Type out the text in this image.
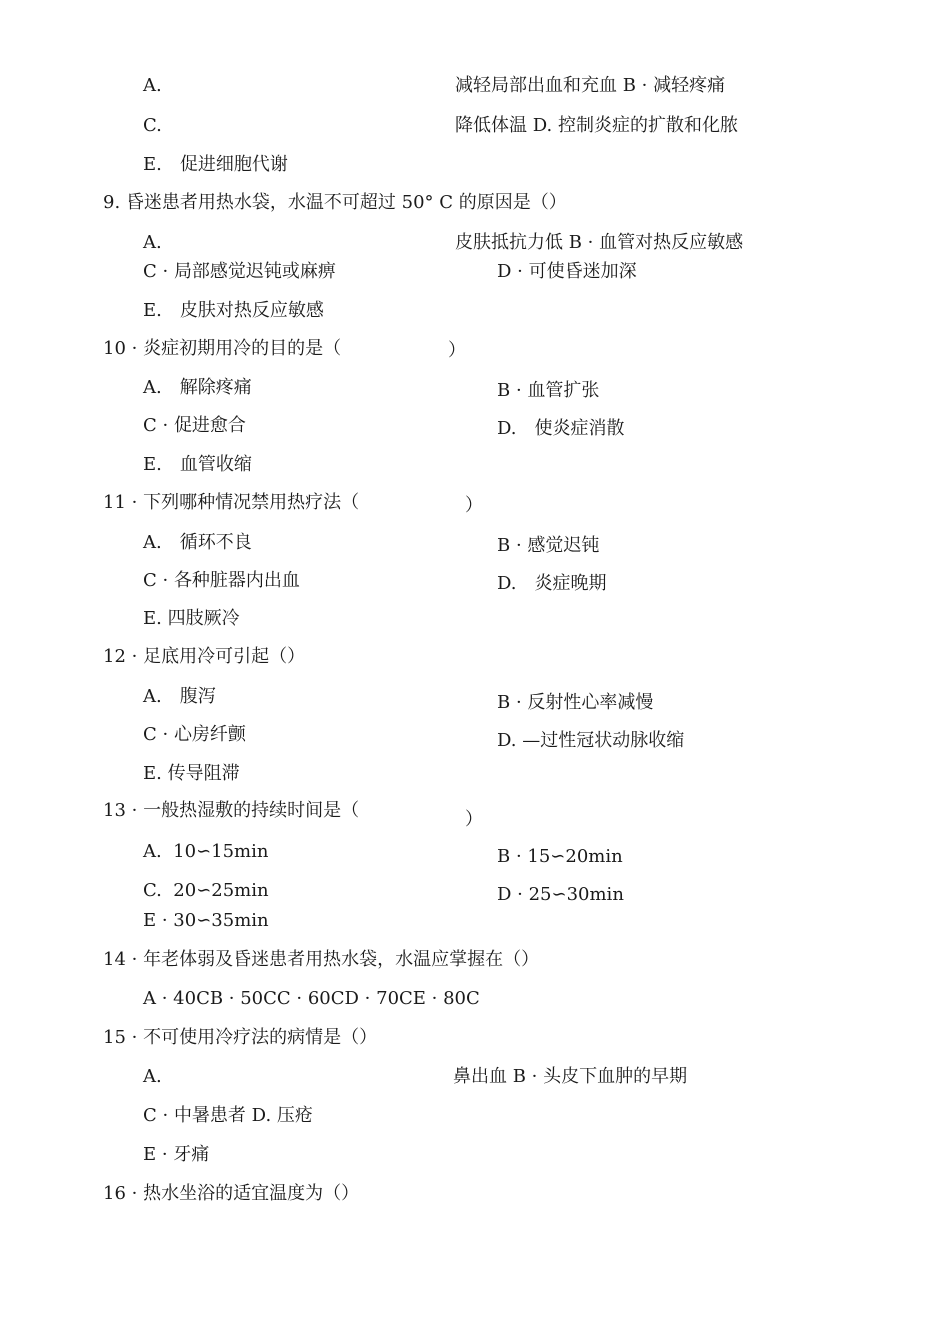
A.	减轻局部出血和充血 B · 减轻疼痛
C.	降低体温 D. 控制炎症的扩散和化脓
E.　促进细胞代谢
9. 昏迷患者用热水袋，水温不可超过 50° C 的原因是（）
A.	皮肤抵抗力低 B · 血管对热反应敏感
C · 局部感觉迟钝或麻痹	D · 可使昏迷加深
E.　皮肤对热反应敏感
10 · 炎症初期用冷的目的是（	）
A.　解除疼痛	B · 血管扩张
C · 促进愈合	D.　使炎症消散
E.　血管收缩
11 · 下列哪种情况禁用热疗法（	）
A.　循环不良	B · 感觉迟钝
C · 各种脏器内出血	D.　炎症晚期
E. 四肢厥冷
12 · 足底用冷可引起（）
A.　腹泻	B · 反射性心率减慢
C · 心房纤颤	D. —过性冠状动脉收缩
E. 传导阻滞
13 · 一般热湿敷的持续时间是（	）
A.  10∽15min	B · 15∽20min
C.  20∽25min	D · 25∽30min
E · 30∽35min
14 · 年老体弱及昏迷患者用热水袋，水温应掌握在（）
A · 40CB · 50CC · 60CD · 70CE · 80C
15 · 不可使用冷疗法的病情是（）
A.	鼻出血 B · 头皮下血肿的早期
C · 中暑患者 D. 压疮
E · 牙痛
16 · 热水坐浴的适宜温度为（）
